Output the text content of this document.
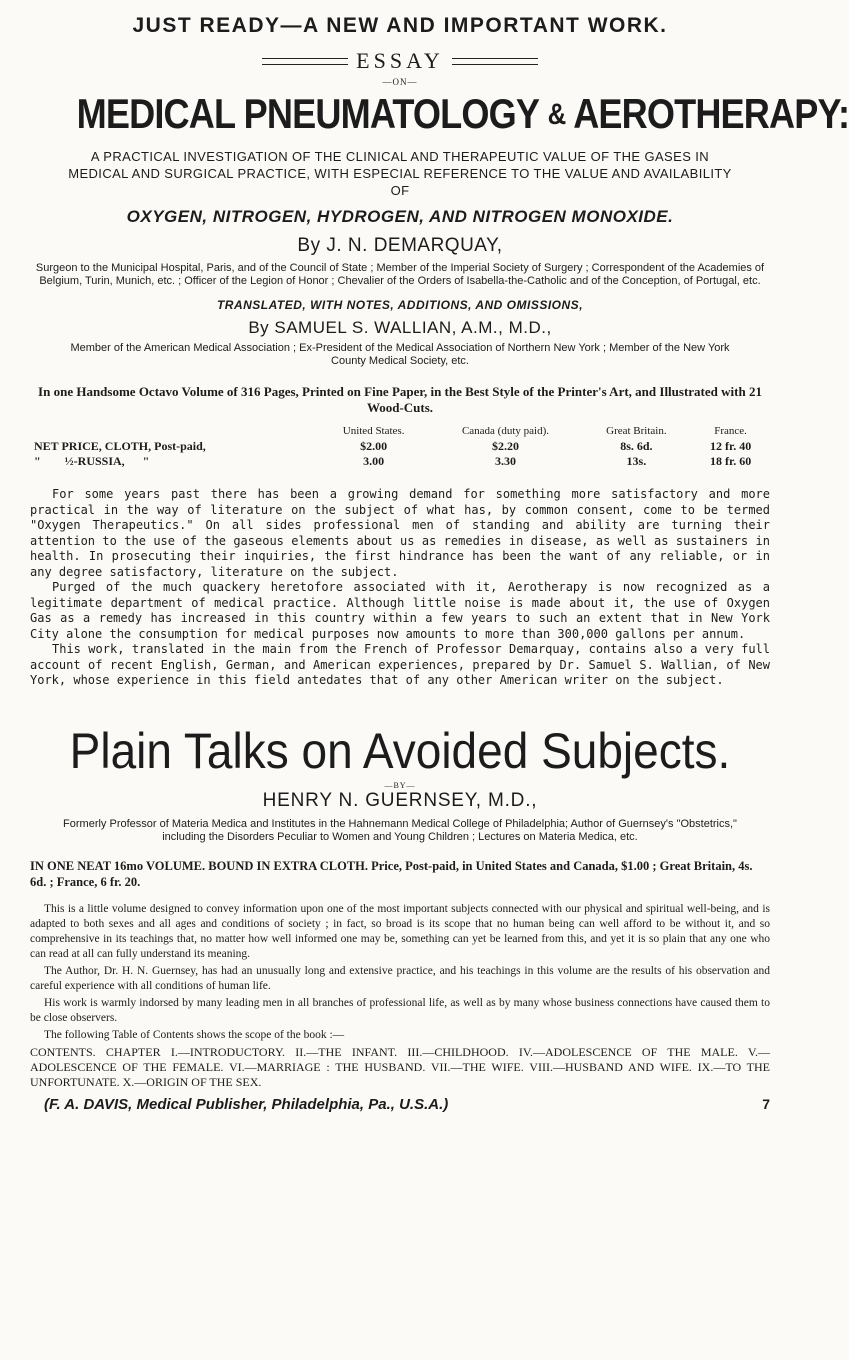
JUST READY—A NEW AND IMPORTANT WORK.
ESSAY
—ON—
MEDICAL PNEUMATOLOGY & AEROTHERAPY:
A PRACTICAL INVESTIGATION OF THE CLINICAL AND THERAPEUTIC VALUE OF THE GASES IN MEDICAL AND SURGICAL PRACTICE, WITH ESPECIAL REFERENCE TO THE VALUE AND AVAILABILITY OF
OXYGEN, NITROGEN, HYDROGEN, AND NITROGEN MONOXIDE.
By J. N. DEMARQUAY,
Surgeon to the Municipal Hospital, Paris, and of the Council of State ; Member of the Imperial Society of Surgery ; Correspondent of the Academies of Belgium, Turin, Munich, etc. ; Officer of the Legion of Honor ; Chevalier of the Orders of Isabella-the-Catholic and of the Conception, of Portugal, etc.
TRANSLATED, WITH NOTES, ADDITIONS, AND OMISSIONS,
By SAMUEL S. WALLIAN, A.M., M.D.,
Member of the American Medical Association ; Ex-President of the Medical Association of Northern New York ; Member of the New York County Medical Society, etc.
In one Handsome Octavo Volume of 316 Pages, Printed on Fine Paper, in the Best Style of the Printer's Art, and Illustrated with 21 Wood-Cuts.
	United States.	Canada (duty paid).	Great Britain.	France.
NET PRICE, CLOTH, Post-paid,	$2.00	$2.20	8s. 6d.	12 fr. 40
"        ½-RUSSIA,      "	3.00	3.30	13s.	18 fr. 60

For some years past there has been a growing demand for something more satisfactory and more practical in the way of literature on the subject of what has, by common consent, come to be termed "Oxygen Therapeutics." On all sides professional men of standing and ability are turning their attention to the use of the gaseous elements about us as remedies in disease, as well as sustainers in health. In prosecuting their inquiries, the first hindrance has been the want of any reliable, or in any degree satisfactory, literature on the subject.

Purged of the much quackery heretofore associated with it, Aerotherapy is now recognized as a legitimate department of medical practice. Although little noise is made about it, the use of Oxygen Gas as a remedy has increased in this country within a few years to such an extent that in New York City alone the consumption for medical purposes now amounts to more than 300,000 gallons per annum.

This work, translated in the main from the French of Professor Demarquay, contains also a very full account of recent English, German, and American experiences, prepared by Dr. Samuel S. Wallian, of New York, whose experience in this field antedates that of any other American writer on the subject.

Plain Talks on Avoided Subjects.
—BY—
HENRY N. GUERNSEY, M.D.,
Formerly Professor of Materia Medica and Institutes in the Hahnemann Medical College of Philadelphia; Author of Guernsey's "Obstetrics," including the Disorders Peculiar to Women and Young Children ; Lectures on Materia Medica, etc.
IN ONE NEAT 16mo VOLUME. BOUND IN EXTRA CLOTH. Price, Post-paid, in United States and Canada, $1.00 ; Great Britain, 4s. 6d. ; France, 6 fr. 20.

This is a little volume designed to convey information upon one of the most important subjects connected with our physical and spiritual well-being, and is adapted to both sexes and all ages and conditions of society ; in fact, so broad is its scope that no human being can well afford to be without it, and so comprehensive in its teachings that, no matter how well informed one may be, something can yet be learned from this, and yet it is so plain that any one who can read at all can fully understand its meaning.

The Author, Dr. H. N. Guernsey, has had an unusually long and extensive practice, and his teachings in this volume are the results of his observation and careful experience with all conditions of human life.

His work is warmly indorsed by many leading men in all branches of professional life, as well as by many whose business connections have caused them to be close observers.

The following Table of Contents shows the scope of the book :—

CONTENTS. CHAPTER I.—INTRODUCTORY. II.—THE INFANT. III.—CHILDHOOD. IV.—ADOLESCENCE OF THE MALE. V.—ADOLESCENCE OF THE FEMALE. VI.—MARRIAGE : THE HUSBAND. VII.—THE WIFE. VIII.—HUSBAND AND WIFE. IX.—TO THE UNFORTUNATE. X.—ORIGIN OF THE SEX.
(F. A. DAVIS, Medical Publisher, Philadelphia, Pa., U.S.A.)	7
